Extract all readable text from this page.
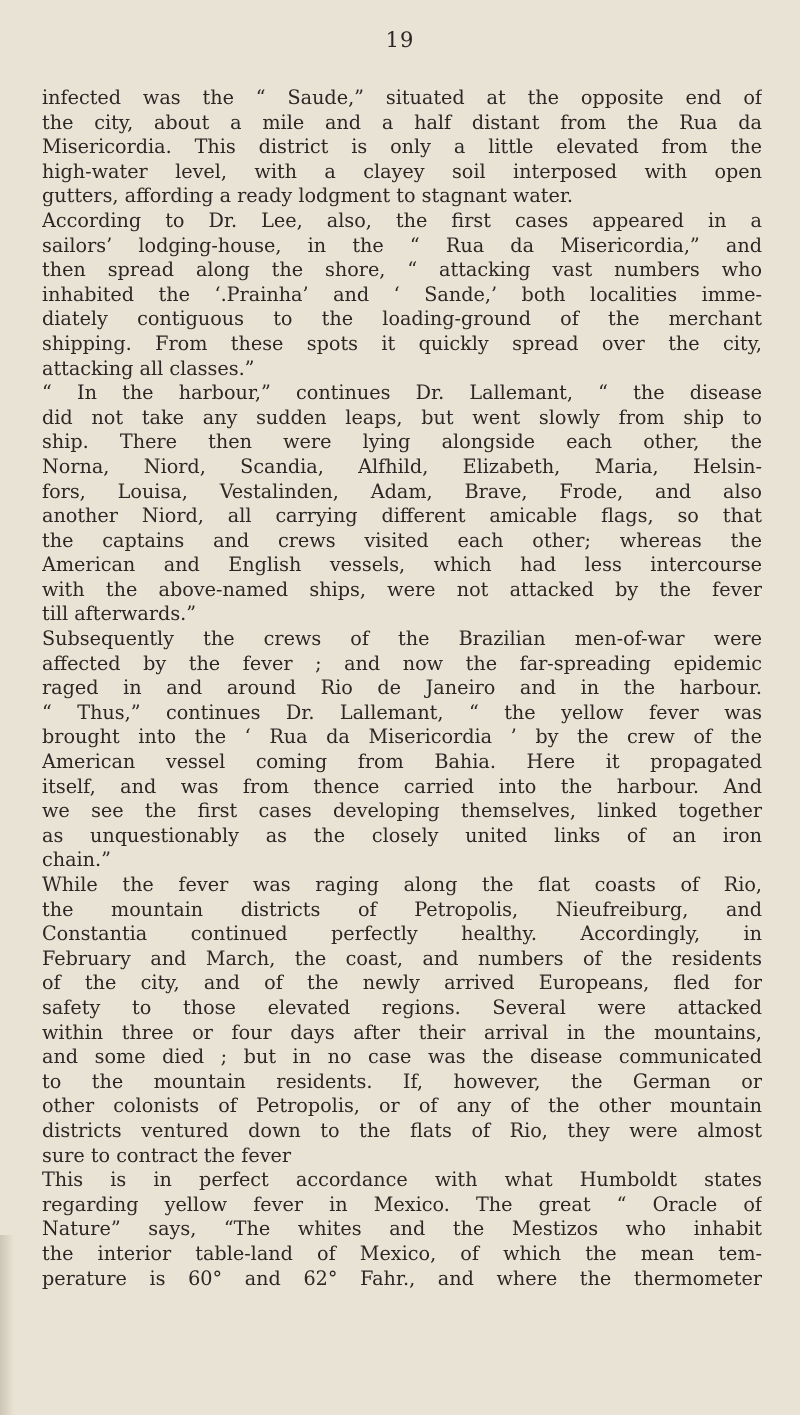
19
infected was the “ Saude,” situated at the opposite end of
the city, about a mile and a half distant from the Rua da
Misericordia. This district is only a little elevated from the
high-water level, with a clayey soil interposed with open
gutters, affording a ready lodgment to stagnant water.
According to Dr. Lee, also, the first cases appeared in a
sailors’ lodging-house, in the “ Rua da Misericordia,” and
then spread along the shore, “ attacking vast numbers who
inhabited the ‘.Prainha’ and ‘ Sande,’ both localities imme-
diately contiguous to the loading-ground of the merchant
shipping. From these spots it quickly spread over the city,
attacking all classes.”
“ In the harbour,” continues Dr. Lallemant, “ the disease
did not take any sudden leaps, but went slowly from ship to
ship. There then were lying alongside each other, the
Norna, Niord, Scandia, Alfhild, Elizabeth, Maria, Helsin-
fors, Louisa, Vestalinden, Adam, Brave, Frode, and also
another Niord, all carrying different amicable flags, so that
the captains and crews visited each other; whereas the
American and English vessels, which had less intercourse
with the above-named ships, were not attacked by the fever
till afterwards.”
Subsequently the crews of the Brazilian men-of-war were
affected by the fever ; and now the far-spreading epidemic
raged in and around Rio de Janeiro and in the harbour.
“ Thus,” continues Dr. Lallemant, “ the yellow fever was
brought into the ‘ Rua da Misericordia ’ by the crew of the
American vessel coming from Bahia. Here it propagated
itself, and was from thence carried into the harbour. And
we see the first cases developing themselves, linked together
as unquestionably as the closely united links of an iron
chain.”
While the fever was raging along the flat coasts of Rio,
the mountain districts of Petropolis, Nieufreiburg, and
Constantia continued perfectly healthy. Accordingly, in
February and March, the coast, and numbers of the residents
of the city, and of the newly arrived Europeans, fled for
safety to those elevated regions. Several were attacked
within three or four days after their arrival in the mountains,
and some died ; but in no case was the disease communicated
to the mountain residents. If, however, the German or
other colonists of Petropolis, or of any of the other mountain
districts ventured down to the flats of Rio, they were almost
sure to contract the fever
This is in perfect accordance with what Humboldt states
regarding yellow fever in Mexico. The great “ Oracle of
Nature” says, “The whites and the Mestizos who inhabit
the interior table-land of Mexico, of which the mean tem-
perature is 60° and 62° Fahr., and where the thermometer
